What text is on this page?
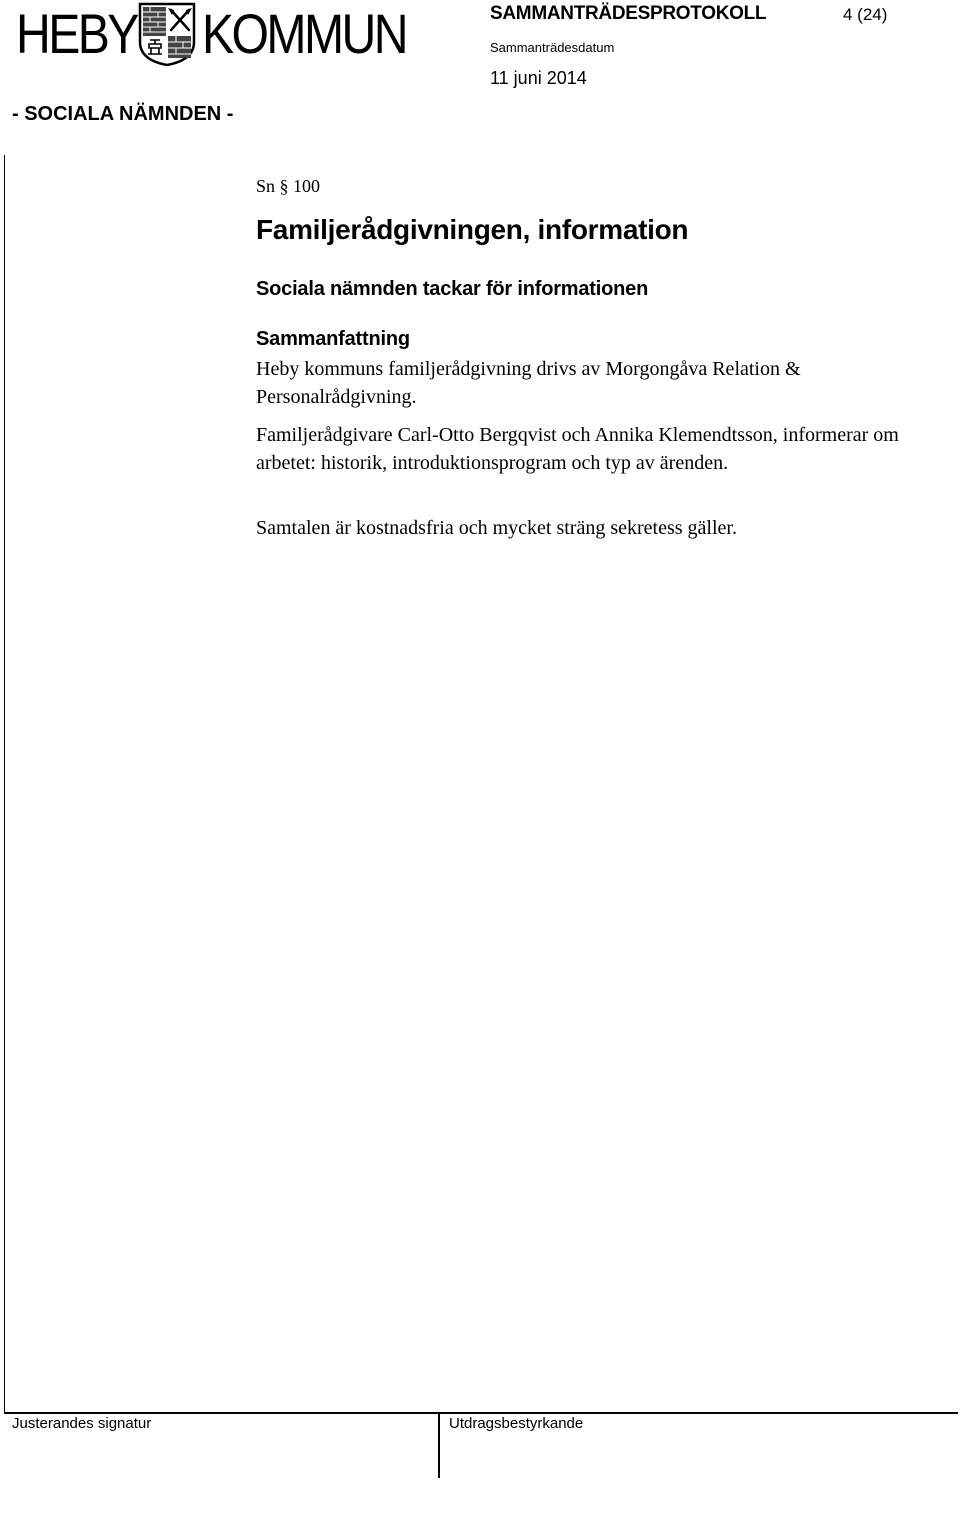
HEBY KOMMUN	SAMMANTRÄDESPROTOKOLL	4 (24)
Sammanträdesdatum
11 juni 2014
- SOCIALA NÄMNDEN -
Sn § 100
Familjerådgivningen, information
Sociala nämnden tackar för informationen
Sammanfattning
Heby kommuns familjerådgivning drivs av Morgongåva Relation & Personalrådgivning.
Familjerådgivare Carl-Otto Bergqvist och Annika Klemendtsson, informerar om arbetet: historik, introduktionsprogram och typ av ärenden.
Samtalen är kostnadsfria och mycket sträng sekretess gäller.
Justerandes signatur	Utdragsbestyrkande
